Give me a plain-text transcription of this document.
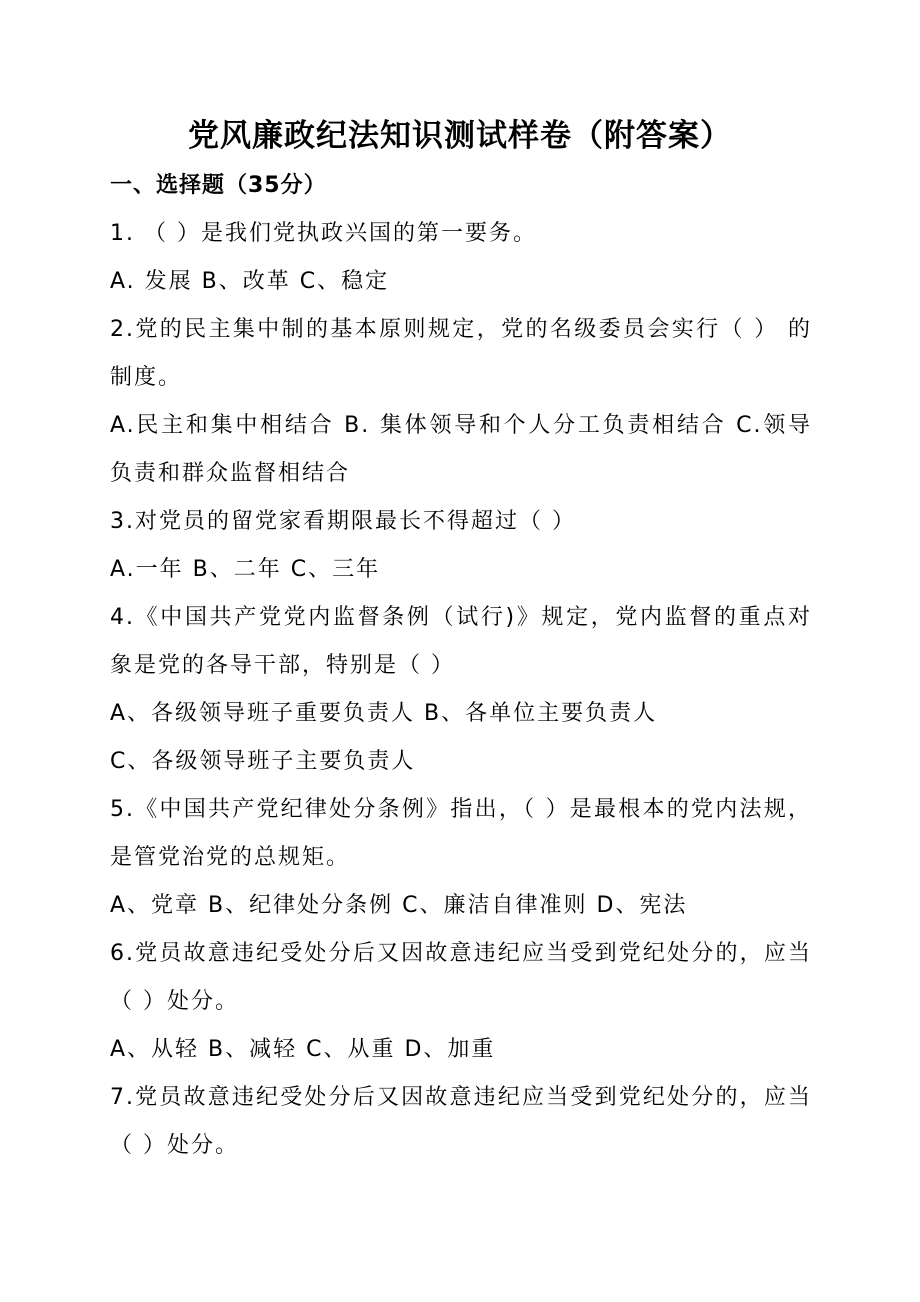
党风廉政纪法知识测试样卷（附答案）
一、选择题（35分）
1. （ ）是我们党执政兴国的第一要务。
A. 发展 B、改革 C、稳定
2.党的民主集中制的基本原则规定，党的名级委员会实行（ ） 的
制度。
A.民主和集中相结合 B. 集体领导和个人分工负责相结合 C.领导
负责和群众监督相结合
3.对党员的留党家看期限最长不得超过（ ）
A.一年 B、二年 C、三年
4.《中国共产党党内监督条例（试行)》规定，党内监督的重点对
象是党的各导干部，特别是（ ）
A、各级领导班子重要负责人 B、各单位主要负责人
C、各级领导班子主要负责人
5.《中国共产党纪律处分条例》指出，（ ）是最根本的党内法规，
是管党治党的总规矩。
A、党章 B、纪律处分条例 C、廉洁自律准则 D、宪法
6.党员故意违纪受处分后又因故意违纪应当受到党纪处分的，应当
（ ）处分。
A、从轻 B、减轻 C、从重 D、加重
7.党员故意违纪受处分后又因故意违纪应当受到党纪处分的，应当
（ ）处分。
